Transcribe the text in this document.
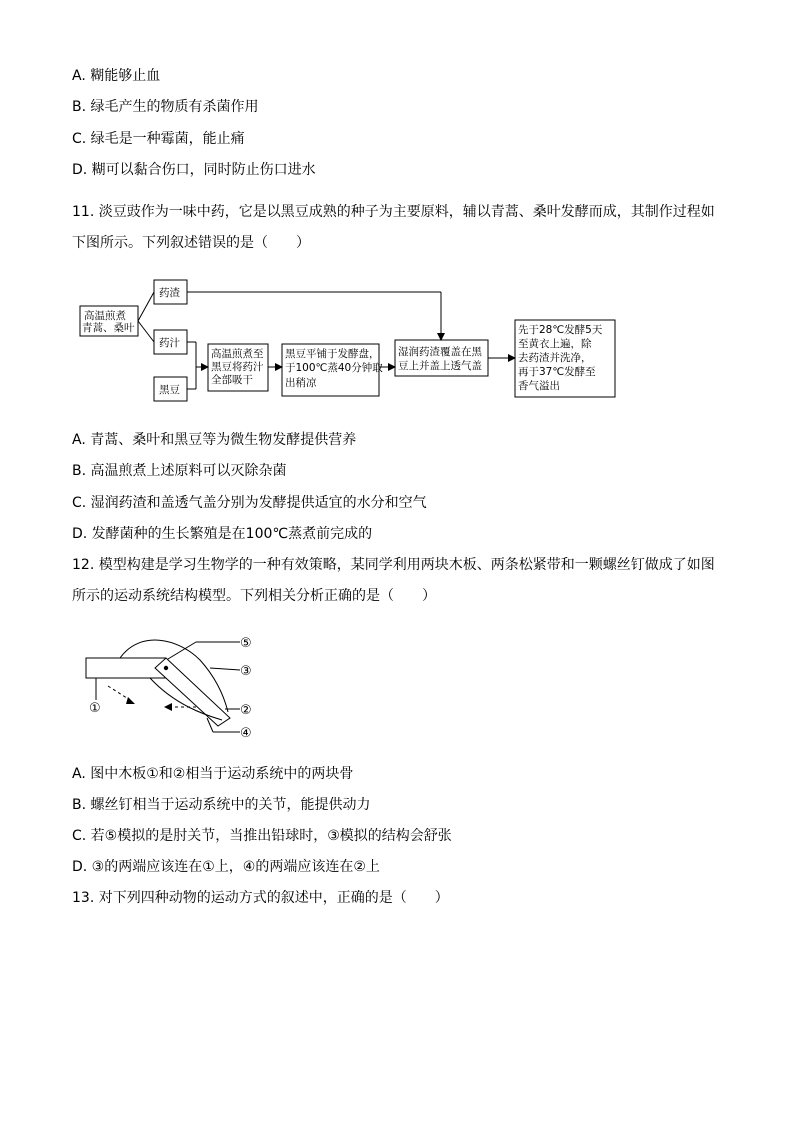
A. 糊能够止血
B. 绿毛产生的物质有杀菌作用
C. 绿毛是一种霉菌，能止痛
D. 糊可以黏合伤口，同时防止伤口进水
11. 淡豆豉作为一味中药，它是以黑豆成熟的种子为主要原料，辅以青蒿、桑叶发酵而成，其制作过程如
下图所示。下列叙述错误的是（　　）
高温煎煮
青蒿、桑叶
药渣
药汁
黑豆
高温煎煮至
黑豆将药汁
全部吸干
黑豆平铺于发酵盘，
于100℃蒸40分钟取
出稍凉
湿润药渣覆盖在黑
豆上并盖上透气盖
先于28℃发酵5天
至黄衣上遍，除
去药渣并洗净，
再于37℃发酵至
香气溢出
A. 青蒿、桑叶和黑豆等为微生物发酵提供营养
B. 高温煎煮上述原料可以灭除杂菌
C. 湿润药渣和盖透气盖分别为发酵提供适宜的水分和空气
D. 发酵菌种的生长繁殖是在100℃蒸煮前完成的
12. 模型构建是学习生物学的一种有效策略，某同学利用两块木板、两条松紧带和一颗螺丝钉做成了如图
所示的运动系统结构模型。下列相关分析正确的是（　　）
⑤
③
②
④
①
A. 图中木板①和②相当于运动系统中的两块骨
B. 螺丝钉相当于运动系统中的关节，能提供动力
C. 若⑤模拟的是肘关节，当推出铅球时，③模拟的结构会舒张
D. ③的两端应该连在①上，④的两端应该连在②上
13. 对下列四种动物的运动方式的叙述中，正确的是（　　）
